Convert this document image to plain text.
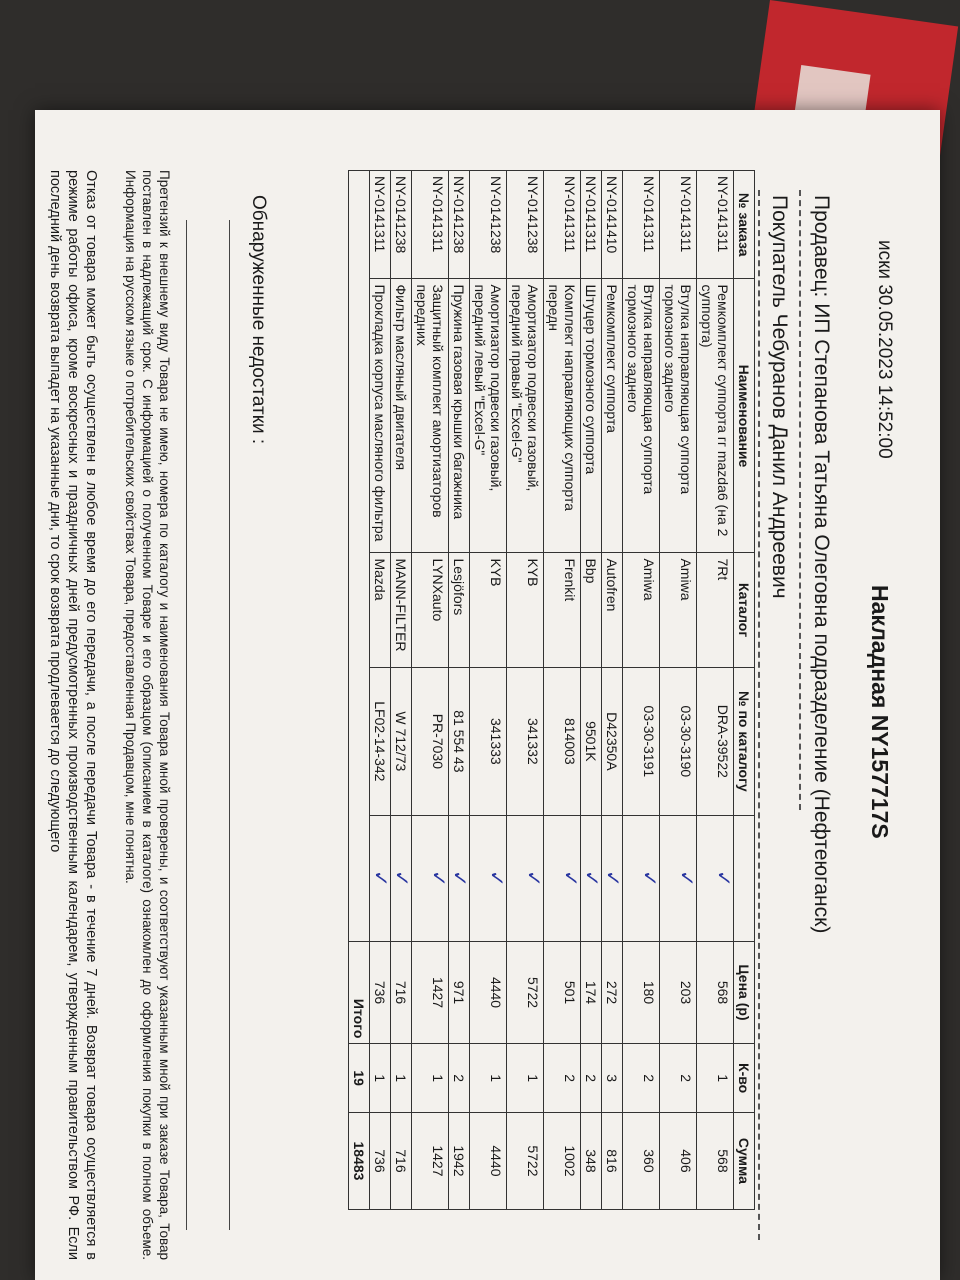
иски 30.05.2023 14:52:00
Накладная NY157717S
Продавец: ИП Степанова Татьяна Олеговна подразделение (Нефтеюганск)
Покупатель Чебуранов Данил Андреевич
№ заказа	Наименование	Каталог	№ по каталогу		Цена (р)	К-во	Сумма
NY-0141311	Ремкомплект суппорта гг mazda6 (на 2 суппорта)	7Rt	DRA-39522	✓	568	1	568
NY-0141311	Втулка направляющая суппорта тормозного заднего	Amiwa	03-30-3190	✓	203	2	406
NY-0141311	Втулка направляющая суппорта тормозного заднего	Amiwa	03-30-3191	✓	180	2	360
NY-0141410	Ремкомплект суппорта	Autofren	D42350A	✓	272	3	816
NY-0141311	Штуцер тормозного суппорта	Bbp	9501K	✓	174	2	348
NY-0141311	Комплект направляющих суппорта передн	Frenkit	814003	✓	501	2	1002
NY-0141238	Амортизатор подвески газовый, передний правый "Excel-G"	KYB	341332	✓	5722	1	5722
NY-0141238	Амортизатор подвески газовый, передний левый "Excel-G"	KYB	341333	✓	4440	1	4440
NY-0141238	Пружина газовая крышки багажника	Lesjöfors	81 554 43	✓	971	2	1942
NY-0141311	Защитный комплект амортизаторов передних	LYNXauto	PR-7030	✓	1427	1	1427
NY-0141238	Фильтр масляный двигателя	MANN-FILTER	W 712/73	✓	716	1	716
NY-0141311	Прокладка корпуса масляного фильтра	Mazda	LF02-14-342	✓	736	1	736
					Итого	19	18483
Обнаруженные недостатки :
Претензий к внешнему виду Товара не имею, номера по каталогу и наименования Товара мной проверены, и соответствуют указанным мной при заказе Товара, Товар поставлен в надлежащий срок. С информацией о полученном Товаре и его образцом (описанием в каталоге) ознакомлен до оформления покупки в полном объеме. Информация на русском языке о потребительских свойствах Товара, предоставленная Продавцом, мне понятна.
Отказ от товара может быть осуществлен в любое время до его передачи, а после передачи Товара - в течение 7 дней. Возврат товара осуществляется в режиме работы офиса, кроме воскресных и праздничных дней предусмотренных производственным календарем, утвержденным правительством РФ. Если последний день возврата выпадет на указанные дни, то срок возврата продлевается до следующего
